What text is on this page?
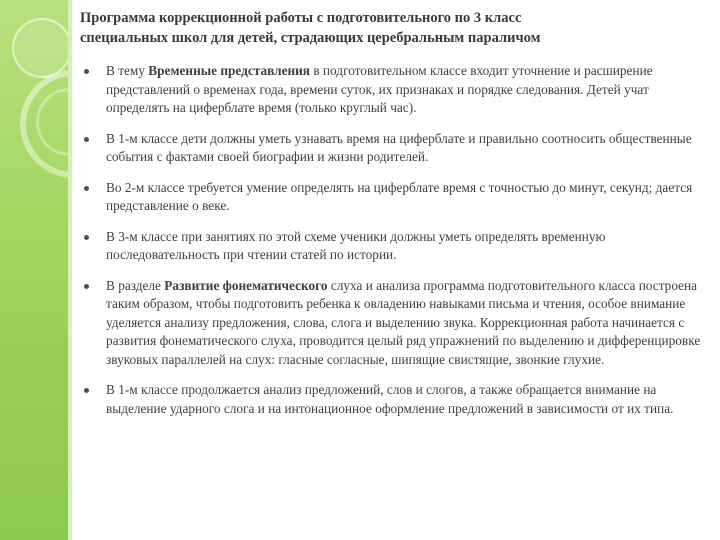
Программа коррекционной работы с подготовительного по 3 класс
специальных школ для детей, страдающих церебральным параличом
В тему Временные представления в подготовительном классе входит уточнение и расширение представлений о временах года, времени суток, их признаках и порядке следования. Детей учат определять на циферблате время (только круглый час).
В 1-м классе дети должны уметь узнавать время на циферблате и правильно соотносить общественные события с фактами своей биографии и жизни родителей.
Во 2-м классе требуется умение определять на циферблате время с точностью до минут, секунд; дается представление о веке.
В 3-м классе при занятиях по этой схеме ученики должны уметь определять временную последовательность при чтении статей по истории.
В разделе Развитие фонематического слуха и анализа программа подготовительного класса построена таким образом, чтобы подготовить ребенка к овладению навыками письма и чтения, особое внимание уделяется анализу предложения, слова, слога и выделению звука. Коррекционная работа начинается с развития фонематического слуха, проводится целый ряд упражнений по выделению и дифференцировке звуковых параллелей на слух: гласные согласные, шипящие свистящие, звонкие глухие.
В 1-м классе продолжается анализ предложений, слов и слогов, а также обращается внимание на выделение ударного слога и на интонационное оформление предложений в зависимости от их типа.
